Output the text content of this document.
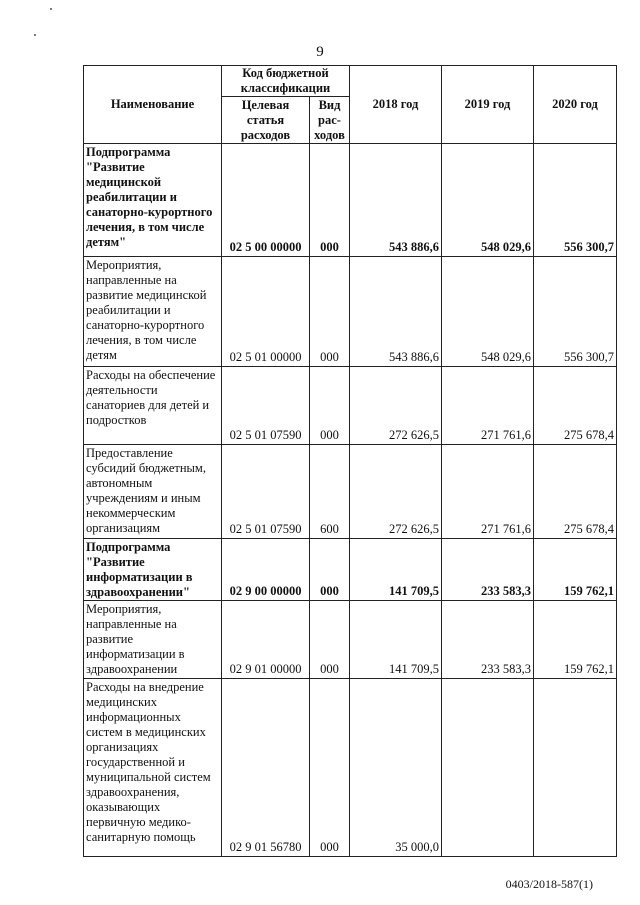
9
Наименование	Код бюджетной классификации		2018 год	2019 год	2020 год
	Целевая статья расходов	Вид рас-ходов			
Подпрограмма "Развитие медицинской реабилитации и санаторно-курортного лечения, в том числе детям"	02 5 00 00000	000	543 886,6	548 029,6	556 300,7
Мероприятия, направленные на развитие медицинской реабилитации и санаторно-курортного лечения, в том числе детям	02 5 01 00000	000	543 886,6	548 029,6	556 300,7
Расходы на обеспечение деятельности санаториев для детей и подростков	02 5 01 07590	000	272 626,5	271 761,6	275 678,4
Предоставление субсидий бюджетным, автономным учреждениям и иным некоммерческим организациям	02 5 01 07590	600	272 626,5	271 761,6	275 678,4
Подпрограмма "Развитие информатизации в здравоохранении"	02 9 00 00000	000	141 709,5	233 583,3	159 762,1
Мероприятия, направленные на развитие информатизации в здравоохранении	02 9 01 00000	000	141 709,5	233 583,3	159 762,1
Расходы на внедрение медицинских информационных систем в медицинских организациях государственной и муниципальной систем здравоохранения, оказывающих первичную медико-санитарную помощь	02 9 01 56780	000	35 000,0		
0403/2018-587(1)
